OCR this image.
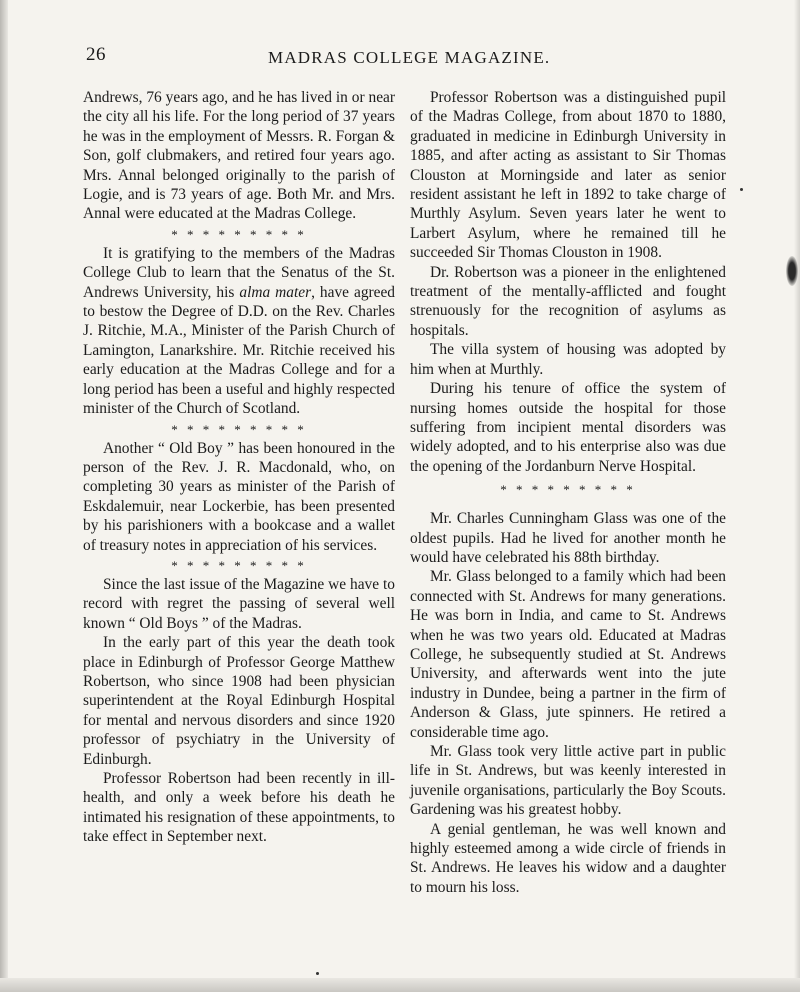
26	MADRAS COLLEGE MAGAZINE.

Andrews, 76 years ago, and he has lived in or near the city all his life. For the long period of 37 years he was in the employment of Messrs. R. Forgan & Son, golf clubmakers, and retired four years ago. Mrs. Annal belonged originally to the parish of Logie, and is 73 years of age. Both Mr. and Mrs. Annal were educated at the Madras College.

* * * * * * * * *

It is gratifying to the members of the Madras College Club to learn that the Senatus of the St. Andrews University, his alma mater, have agreed to bestow the Degree of D.D. on the Rev. Charles J. Ritchie, M.A., Minister of the Parish Church of Lamington, Lanarkshire. Mr. Ritchie received his early education at the Madras College and for a long period has been a useful and highly respected minister of the Church of Scotland.

* * * * * * * * *

Another “ Old Boy ” has been honoured in the person of the Rev. J. R. Macdonald, who, on completing 30 years as minister of the Parish of Eskdalemuir, near Lockerbie, has been presented by his parishioners with a bookcase and a wallet of treasury notes in appreciation of his services.

* * * * * * * * *

Since the last issue of the Magazine we have to record with regret the passing of several well known “ Old Boys ” of the Madras.

In the early part of this year the death took place in Edinburgh of Professor George Matthew Robertson, who since 1908 had been physician superintendent at the Royal Edinburgh Hospital for mental and nervous disorders and since 1920 professor of psychiatry in the University of Edinburgh.

Professor Robertson had been recently in ill-health, and only a week before his death he intimated his resignation of these appointments, to take effect in September next.

Professor Robertson was a distinguished pupil of the Madras College, from about 1870 to 1880, graduated in medicine in Edinburgh University in 1885, and after acting as assistant to Sir Thomas Clouston at Morningside and later as senior resident assistant he left in 1892 to take charge of Murthly Asylum. Seven years later he went to Larbert Asylum, where he remained till he succeeded Sir Thomas Clouston in 1908.

Dr. Robertson was a pioneer in the enlightened treatment of the mentally-afflicted and fought strenuously for the recognition of asylums as hospitals.

The villa system of housing was adopted by him when at Murthly.

During his tenure of office the system of nursing homes outside the hospital for those suffering from incipient mental disorders was widely adopted, and to his enterprise also was due the opening of the Jordanburn Nerve Hospital.

* * * * * * * * *

Mr. Charles Cunningham Glass was one of the oldest pupils. Had he lived for another month he would have celebrated his 88th birthday.

Mr. Glass belonged to a family which had been connected with St. Andrews for many generations. He was born in India, and came to St. Andrews when he was two years old. Educated at Madras College, he subsequently studied at St. Andrews University, and afterwards went into the jute industry in Dundee, being a partner in the firm of Anderson & Glass, jute spinners. He retired a considerable time ago.

Mr. Glass took very little active part in public life in St. Andrews, but was keenly interested in juvenile organisations, particularly the Boy Scouts. Gardening was his greatest hobby.

A genial gentleman, he was well known and highly esteemed among a wide circle of friends in St. Andrews. He leaves his widow and a daughter to mourn his loss.
